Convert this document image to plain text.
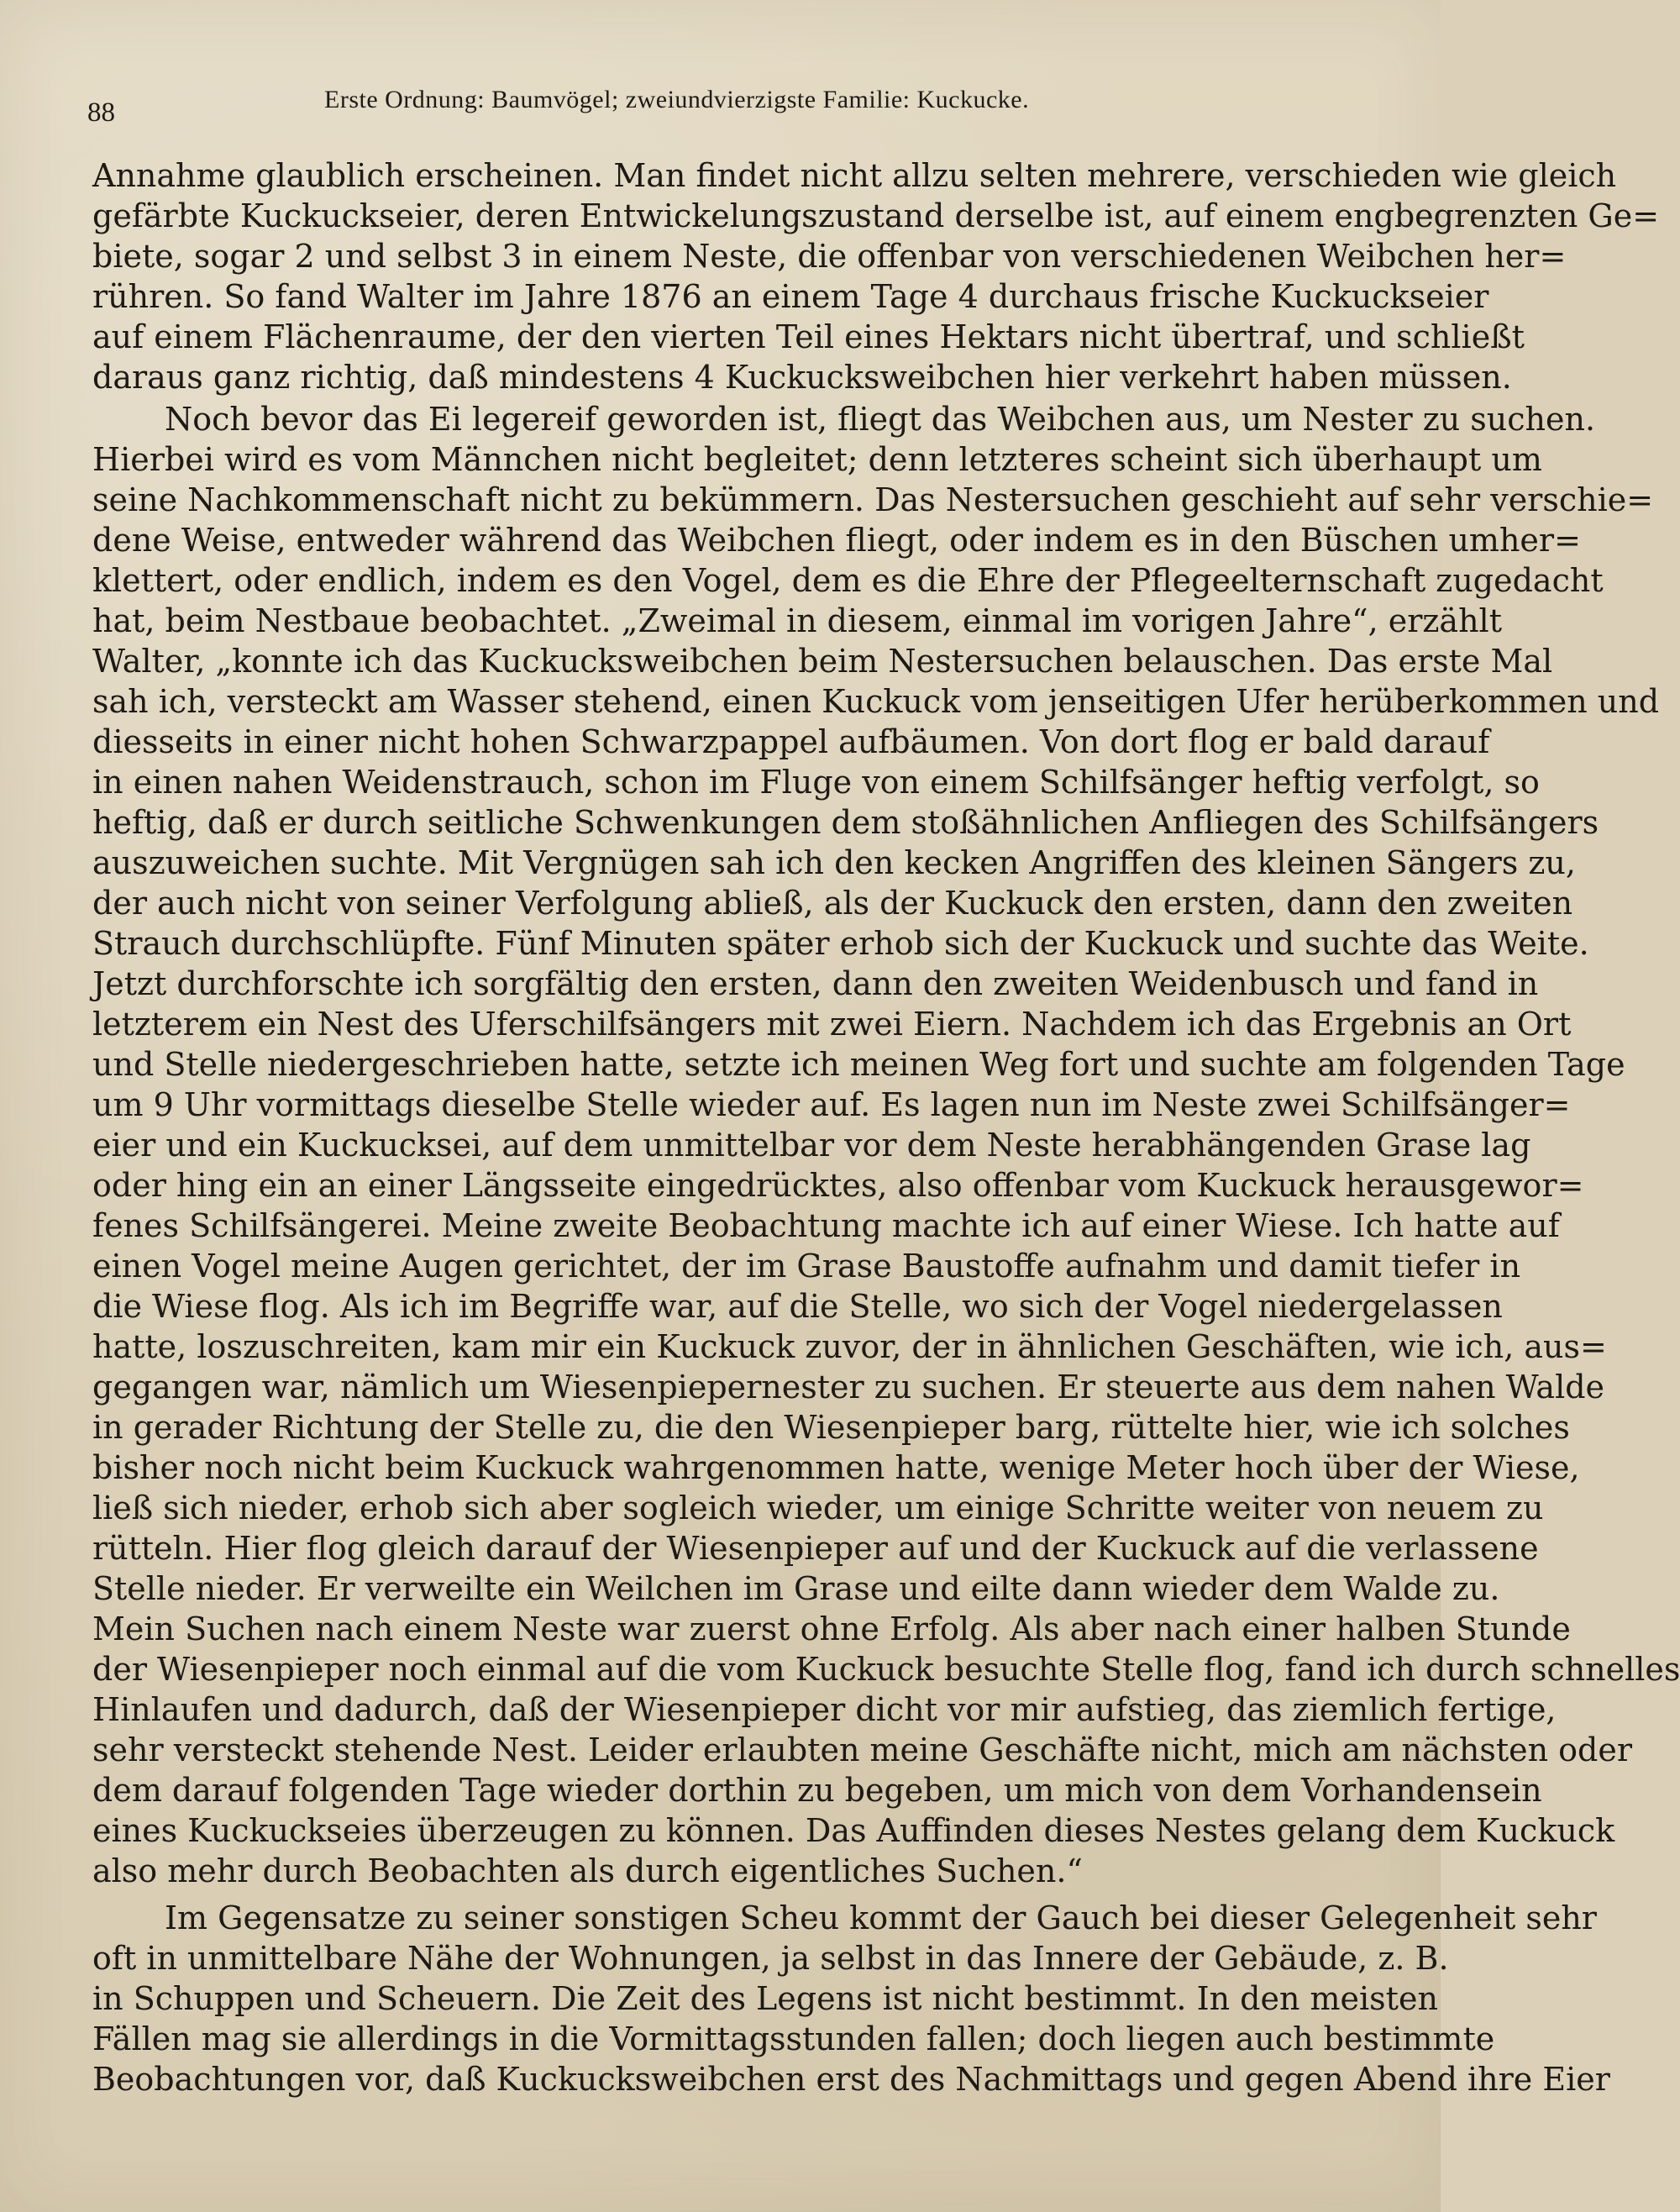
88	Erste Ordnung: Baumvögel; zweiundvierzigste Familie: Kuckucke.
Annahme glaublich erscheinen. Man findet nicht allzu selten mehrere, verschieden wie gleich
gefärbte Kuckuckseier, deren Entwickelungszustand derselbe ist, auf einem engbegrenzten Ge=
biete, sogar 2 und selbst 3 in einem Neste, die offenbar von verschiedenen Weibchen her=
rühren. So fand Walter im Jahre 1876 an einem Tage 4 durchaus frische Kuckuckseier
auf einem Flächenraume, der den vierten Teil eines Hektars nicht übertraf, und schließt
daraus ganz richtig, daß mindestens 4 Kuckucksweibchen hier verkehrt haben müssen.
Noch bevor das Ei legereif geworden ist, fliegt das Weibchen aus, um Nester zu suchen.
Hierbei wird es vom Männchen nicht begleitet; denn letzteres scheint sich überhaupt um
seine Nachkommenschaft nicht zu bekümmern. Das Nestersuchen geschieht auf sehr verschie=
dene Weise, entweder während das Weibchen fliegt, oder indem es in den Büschen umher=
klettert, oder endlich, indem es den Vogel, dem es die Ehre der Pflegeelternschaft zugedacht
hat, beim Nestbaue beobachtet. „Zweimal in diesem, einmal im vorigen Jahre“, erzählt
Walter, „konnte ich das Kuckucksweibchen beim Nestersuchen belauschen. Das erste Mal
sah ich, versteckt am Wasser stehend, einen Kuckuck vom jenseitigen Ufer herüberkommen und
diesseits in einer nicht hohen Schwarzpappel aufbäumen. Von dort flog er bald darauf
in einen nahen Weidenstrauch, schon im Fluge von einem Schilfsänger heftig verfolgt, so
heftig, daß er durch seitliche Schwenkungen dem stoßähnlichen Anfliegen des Schilfsängers
auszuweichen suchte. Mit Vergnügen sah ich den kecken Angriffen des kleinen Sängers zu,
der auch nicht von seiner Verfolgung abließ, als der Kuckuck den ersten, dann den zweiten
Strauch durchschlüpfte. Fünf Minuten später erhob sich der Kuckuck und suchte das Weite.
Jetzt durchforschte ich sorgfältig den ersten, dann den zweiten Weidenbusch und fand in
letzterem ein Nest des Uferschilfsängers mit zwei Eiern. Nachdem ich das Ergebnis an Ort
und Stelle niedergeschrieben hatte, setzte ich meinen Weg fort und suchte am folgenden Tage
um 9 Uhr vormittags dieselbe Stelle wieder auf. Es lagen nun im Neste zwei Schilfsänger=
eier und ein Kuckucksei, auf dem unmittelbar vor dem Neste herabhängenden Grase lag
oder hing ein an einer Längsseite eingedrücktes, also offenbar vom Kuckuck herausgewor=
fenes Schilfsängerei. Meine zweite Beobachtung machte ich auf einer Wiese. Ich hatte auf
einen Vogel meine Augen gerichtet, der im Grase Baustoffe aufnahm und damit tiefer in
die Wiese flog. Als ich im Begriffe war, auf die Stelle, wo sich der Vogel niedergelassen
hatte, loszuschreiten, kam mir ein Kuckuck zuvor, der in ähnlichen Geschäften, wie ich, aus=
gegangen war, nämlich um Wiesenpiepernester zu suchen. Er steuerte aus dem nahen Walde
in gerader Richtung der Stelle zu, die den Wiesenpieper barg, rüttelte hier, wie ich solches
bisher noch nicht beim Kuckuck wahrgenommen hatte, wenige Meter hoch über der Wiese,
ließ sich nieder, erhob sich aber sogleich wieder, um einige Schritte weiter von neuem zu
rütteln. Hier flog gleich darauf der Wiesenpieper auf und der Kuckuck auf die verlassene
Stelle nieder. Er verweilte ein Weilchen im Grase und eilte dann wieder dem Walde zu.
Mein Suchen nach einem Neste war zuerst ohne Erfolg. Als aber nach einer halben Stunde
der Wiesenpieper noch einmal auf die vom Kuckuck besuchte Stelle flog, fand ich durch schnelles
Hinlaufen und dadurch, daß der Wiesenpieper dicht vor mir aufstieg, das ziemlich fertige,
sehr versteckt stehende Nest. Leider erlaubten meine Geschäfte nicht, mich am nächsten oder
dem darauf folgenden Tage wieder dorthin zu begeben, um mich von dem Vorhandensein
eines Kuckuckseies überzeugen zu können. Das Auffinden dieses Nestes gelang dem Kuckuck
also mehr durch Beobachten als durch eigentliches Suchen.“
Im Gegensatze zu seiner sonstigen Scheu kommt der Gauch bei dieser Gelegenheit sehr
oft in unmittelbare Nähe der Wohnungen, ja selbst in das Innere der Gebäude, z. B.
in Schuppen und Scheuern. Die Zeit des Legens ist nicht bestimmt. In den meisten
Fällen mag sie allerdings in die Vormittagsstunden fallen; doch liegen auch bestimmte
Beobachtungen vor, daß Kuckucksweibchen erst des Nachmittags und gegen Abend ihre Eier
